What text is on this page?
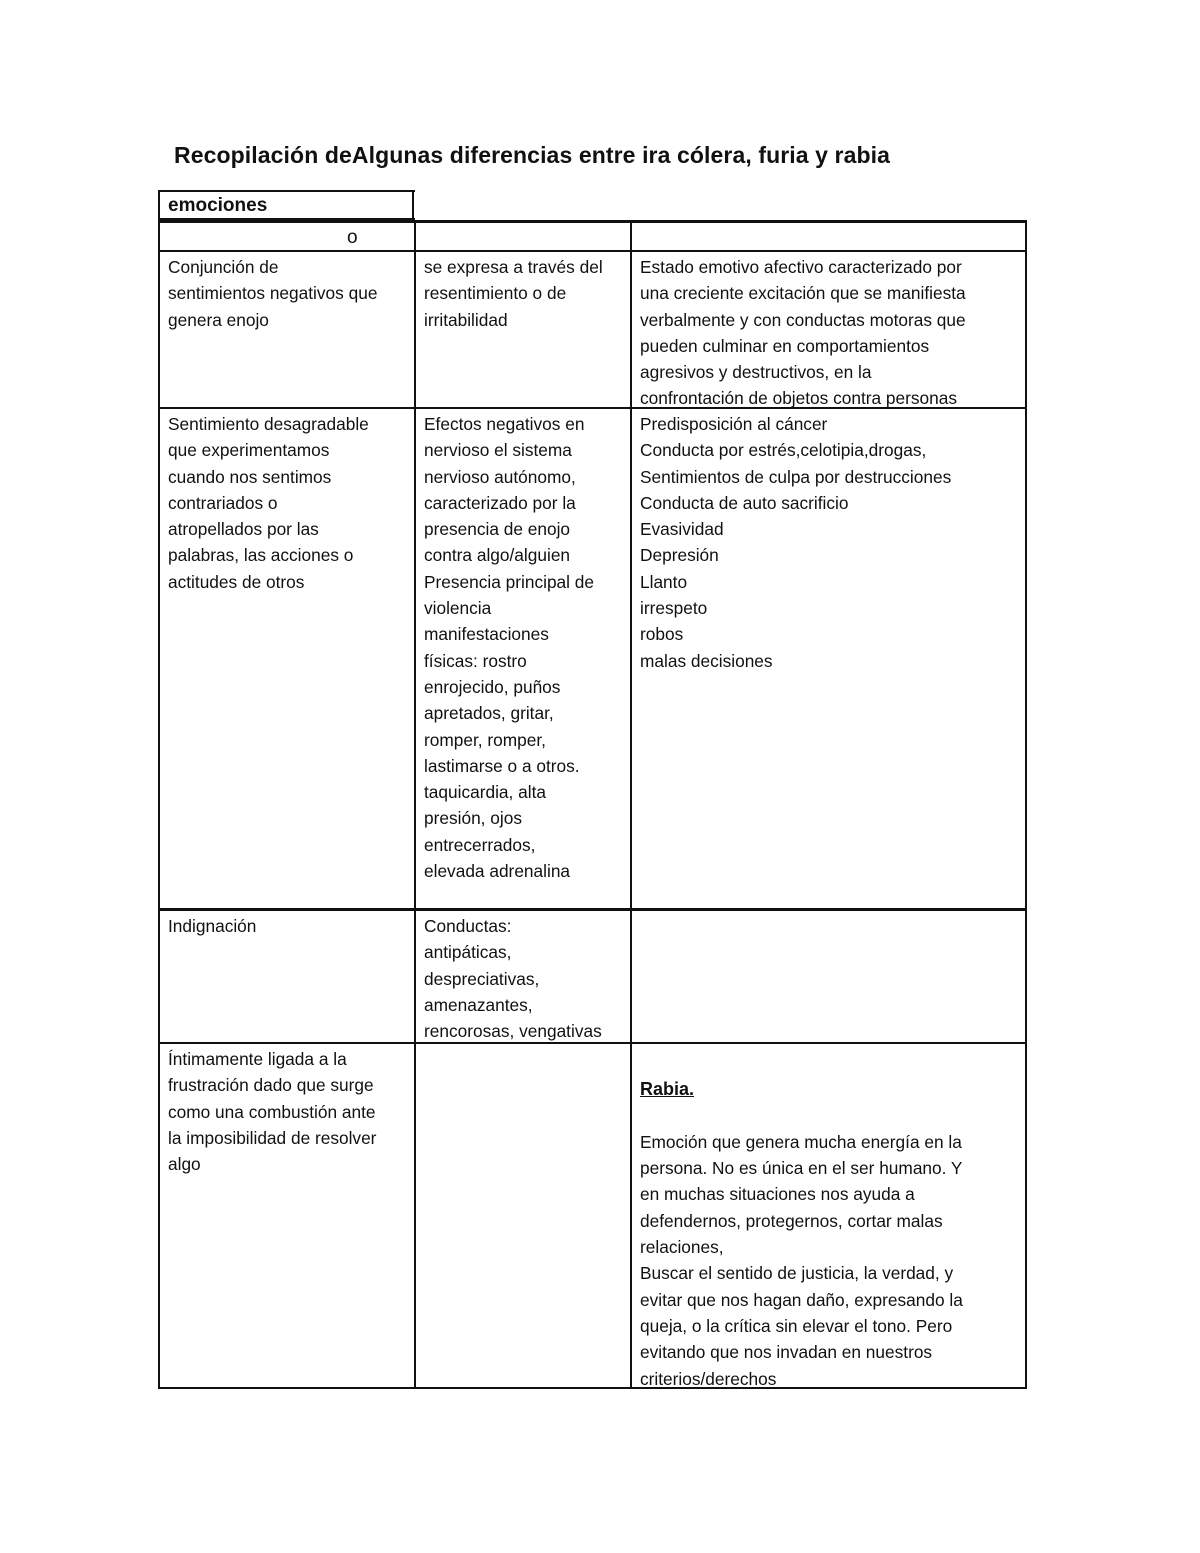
Recopilación deAlgunas diferencias entre ira cólera, furia y rabia
emociones

o

Conjunción de
sentimientos negativos que
genera enojo
se expresa a través del
resentimiento o de
irritabilidad
Estado emotivo afectivo caracterizado por
una creciente excitación que se manifiesta
verbalmente y con conductas motoras que
pueden culminar en comportamientos
agresivos y destructivos, en la
confrontación de objetos contra personas
Sentimiento desagradable
que experimentamos
cuando nos sentimos
contrariados o
atropellados por las
palabras, las acciones o
actitudes de otros
Efectos negativos en
nervioso el sistema
nervioso autónomo,
caracterizado por la
presencia de enojo
contra algo/alguien
Presencia principal de
violencia
manifestaciones
físicas: rostro
enrojecido, puños
apretados, gritar,
romper, romper,
lastimarse o a otros.
taquicardia, alta
presión, ojos
entrecerrados,
elevada adrenalina
Predisposición al cáncer
Conducta por estrés,celotipia,drogas,
Sentimientos de culpa por destrucciones
Conducta de auto sacrificio
Evasividad
Depresión
Llanto
irrespeto
robos
malas decisiones
Indignación	Conductas:
antipáticas,
despreciativas,
amenazantes,
rencorosas, vengativas
Íntimamente ligada a la
frustración dado que surge
como una combustión ante
la imposibilidad de resolver
algo

Rabia.

Emoción que genera mucha energía en la
persona. No es única en el ser humano. Y
en muchas situaciones nos ayuda a
defendernos, protegernos, cortar malas
relaciones,
Buscar el sentido de justicia, la verdad, y
evitar que nos hagan daño, expresando la
queja, o la crítica sin elevar el tono. Pero
evitando que nos invadan en nuestros
criterios/derechos
